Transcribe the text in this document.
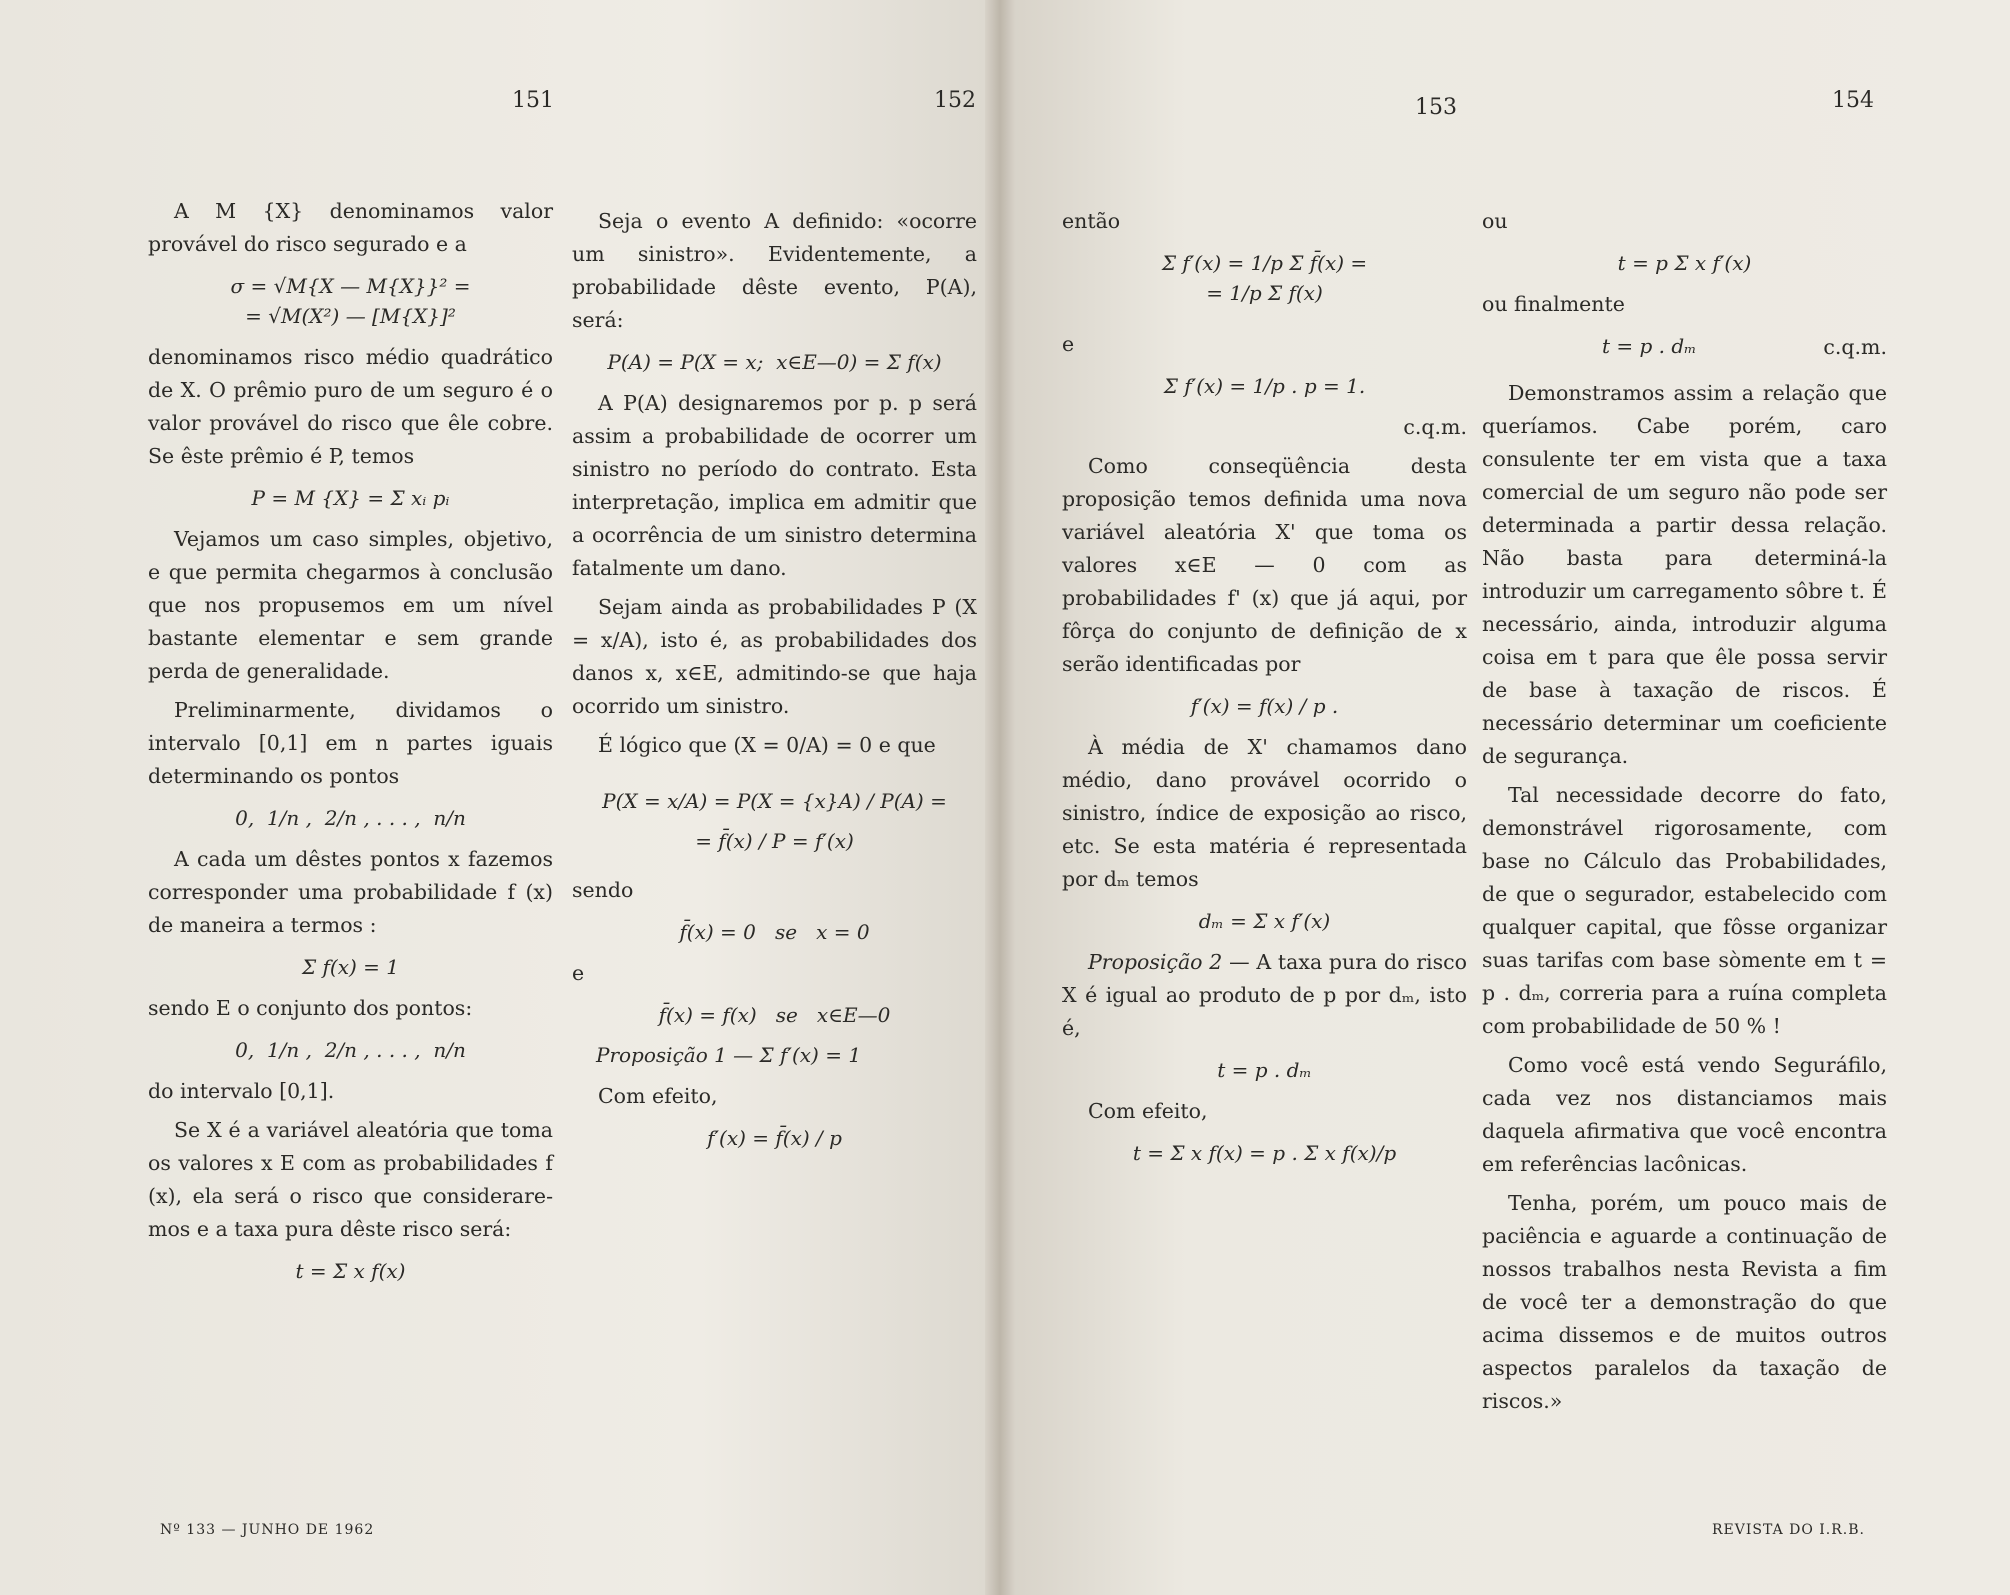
151	152	153	154

A M {X} denominamos valor provável do risco segurado e a

σ = √M{X — M{X}}² =
= √M(X²) — [M{X}]²

denominamos risco médio quadrático de X. O prêmio puro de um seguro é o valor provável do risco que êle cobre. Se êste prêmio é P, temos

P = M {X} = Σ xᵢ pᵢ

Vejamos um caso simples, objetivo, e que permita chegarmos à conclusão que nos propusemos em um nível bastante elementar e sem grande perda de generalidade.

Preliminarmente, dividamos o intervalo [0,1] em n partes iguais determinando os pontos

0,  1/n ,  2/n , . . . ,  n/n

A cada um dêstes pontos x fazemos corresponder uma probabilidade f (x) de maneira a termos :

Σ f(x) = 1

sendo E o conjunto dos pontos:

0,  1/n ,  2/n , . . . ,  n/n

do intervalo [0,1].

Se X é a variável aleatória que toma os valores x E com as probabilidades f (x), ela será o risco que consideraremos e a taxa pura dêste risco será:

t = Σ x f(x)

Seja o evento A definido: «ocorre um sinistro». Evidentemente, a probabilidade dêste evento, P(A), será:

P(A) = P(X = x;  x∈E—0) = Σ f(x)

A P(A) designaremos por p. p será assim a probabilidade de ocorrer um sinistro no período do contrato. Esta interpretação, implica em admitir que a ocorrência de um sinistro determina fatalmente um dano.

Sejam ainda as probabilidades P (X = x/A), isto é, as probabilidades dos danos x, x∈E, admitindo-se que haja ocorrido um sinistro.

É lógico que (X = 0/A) = 0 e que

P(X = x/A) = P(X = {x}A) / P(A) =
= f̄(x) / P = f′(x)

sendo

f̄(x) = 0   se   x = 0

e

f̄(x) = f(x)   se   x∈E—0
Proposição 1 — Σ f′(x) = 1

Com efeito,

f′(x) = f̄(x) / p

então

Σ f′(x) = 1/p Σ f̄(x) =
= 1/p Σ f(x)

e

Σ f′(x) = 1/p . p = 1.
c.q.m.

Como conseqüência desta proposição temos definida uma nova variável aleatória X' que toma os valores x∈E — 0 com as probabilidades f' (x) que já aqui, por fôrça do conjunto de definição de x serão identificadas por

f′(x) = f(x) / p .

À média de X' chamamos dano médio, dano provável ocorrido o sinistro, índice de exposição ao risco, etc. Se esta matéria é representada por dₘ temos

dₘ = Σ x f′(x)

Proposição 2 — A taxa pura do risco X é igual ao produto de p por dₘ, isto é,

t = p . dₘ

Com efeito,

t = Σ x f(x) = p . Σ x f(x)/p

ou

t = p Σ x f′(x)

ou finalmente

t = p . dₘ	c.q.m.

Demonstramos assim a relação que queríamos. Cabe porém, caro consulente ter em vista que a taxa comercial de um seguro não pode ser determinada a partir dessa relação. Não basta para determiná-la introduzir um carregamento sôbre t. É necessário, ainda, introduzir alguma coisa em t para que êle possa servir de base à taxação de riscos. É necessário determinar um coeficiente de segurança.

Tal necessidade decorre do fato, demonstrável rigorosamente, com base no Cálculo das Probabilidades, de que o segurador, estabelecido com qualquer capital, que fôsse organizar suas tarifas com base sòmente em t = p . dₘ, correria para a ruína completa com probabilidade de 50 % !

Como você está vendo Seguráfilo, cada vez nos distanciamos mais daquela afirmativa que você encontra em referências lacônicas.

Tenha, porém, um pouco mais de paciência e aguarde a continuação de nossos trabalhos nesta Revista a fim de você ter a demonstração do que acima dissemos e de muitos outros aspectos paralelos da taxação de riscos.»

Nº 133 — JUNHO DE 1962	REVISTA DO I.R.B.
